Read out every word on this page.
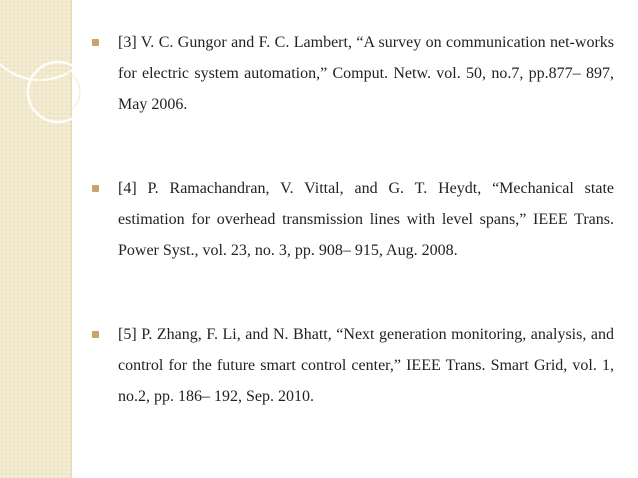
[3] V. C. Gungor and F. C. Lambert, “A survey on communication net-works for electric system automation,” Comput. Netw. vol. 50, no.7, pp.877– 897, May 2006.

[4] P. Ramachandran, V. Vittal, and G. T. Heydt, “Mechanical state estimation for overhead transmission lines with level spans,” IEEE Trans. Power Syst., vol. 23, no. 3, pp. 908– 915, Aug. 2008.

[5] P. Zhang, F. Li, and N. Bhatt, “Next generation monitoring, analysis, and control for the future smart control center,” IEEE Trans. Smart Grid, vol. 1, no.2, pp. 186– 192, Sep. 2010.
